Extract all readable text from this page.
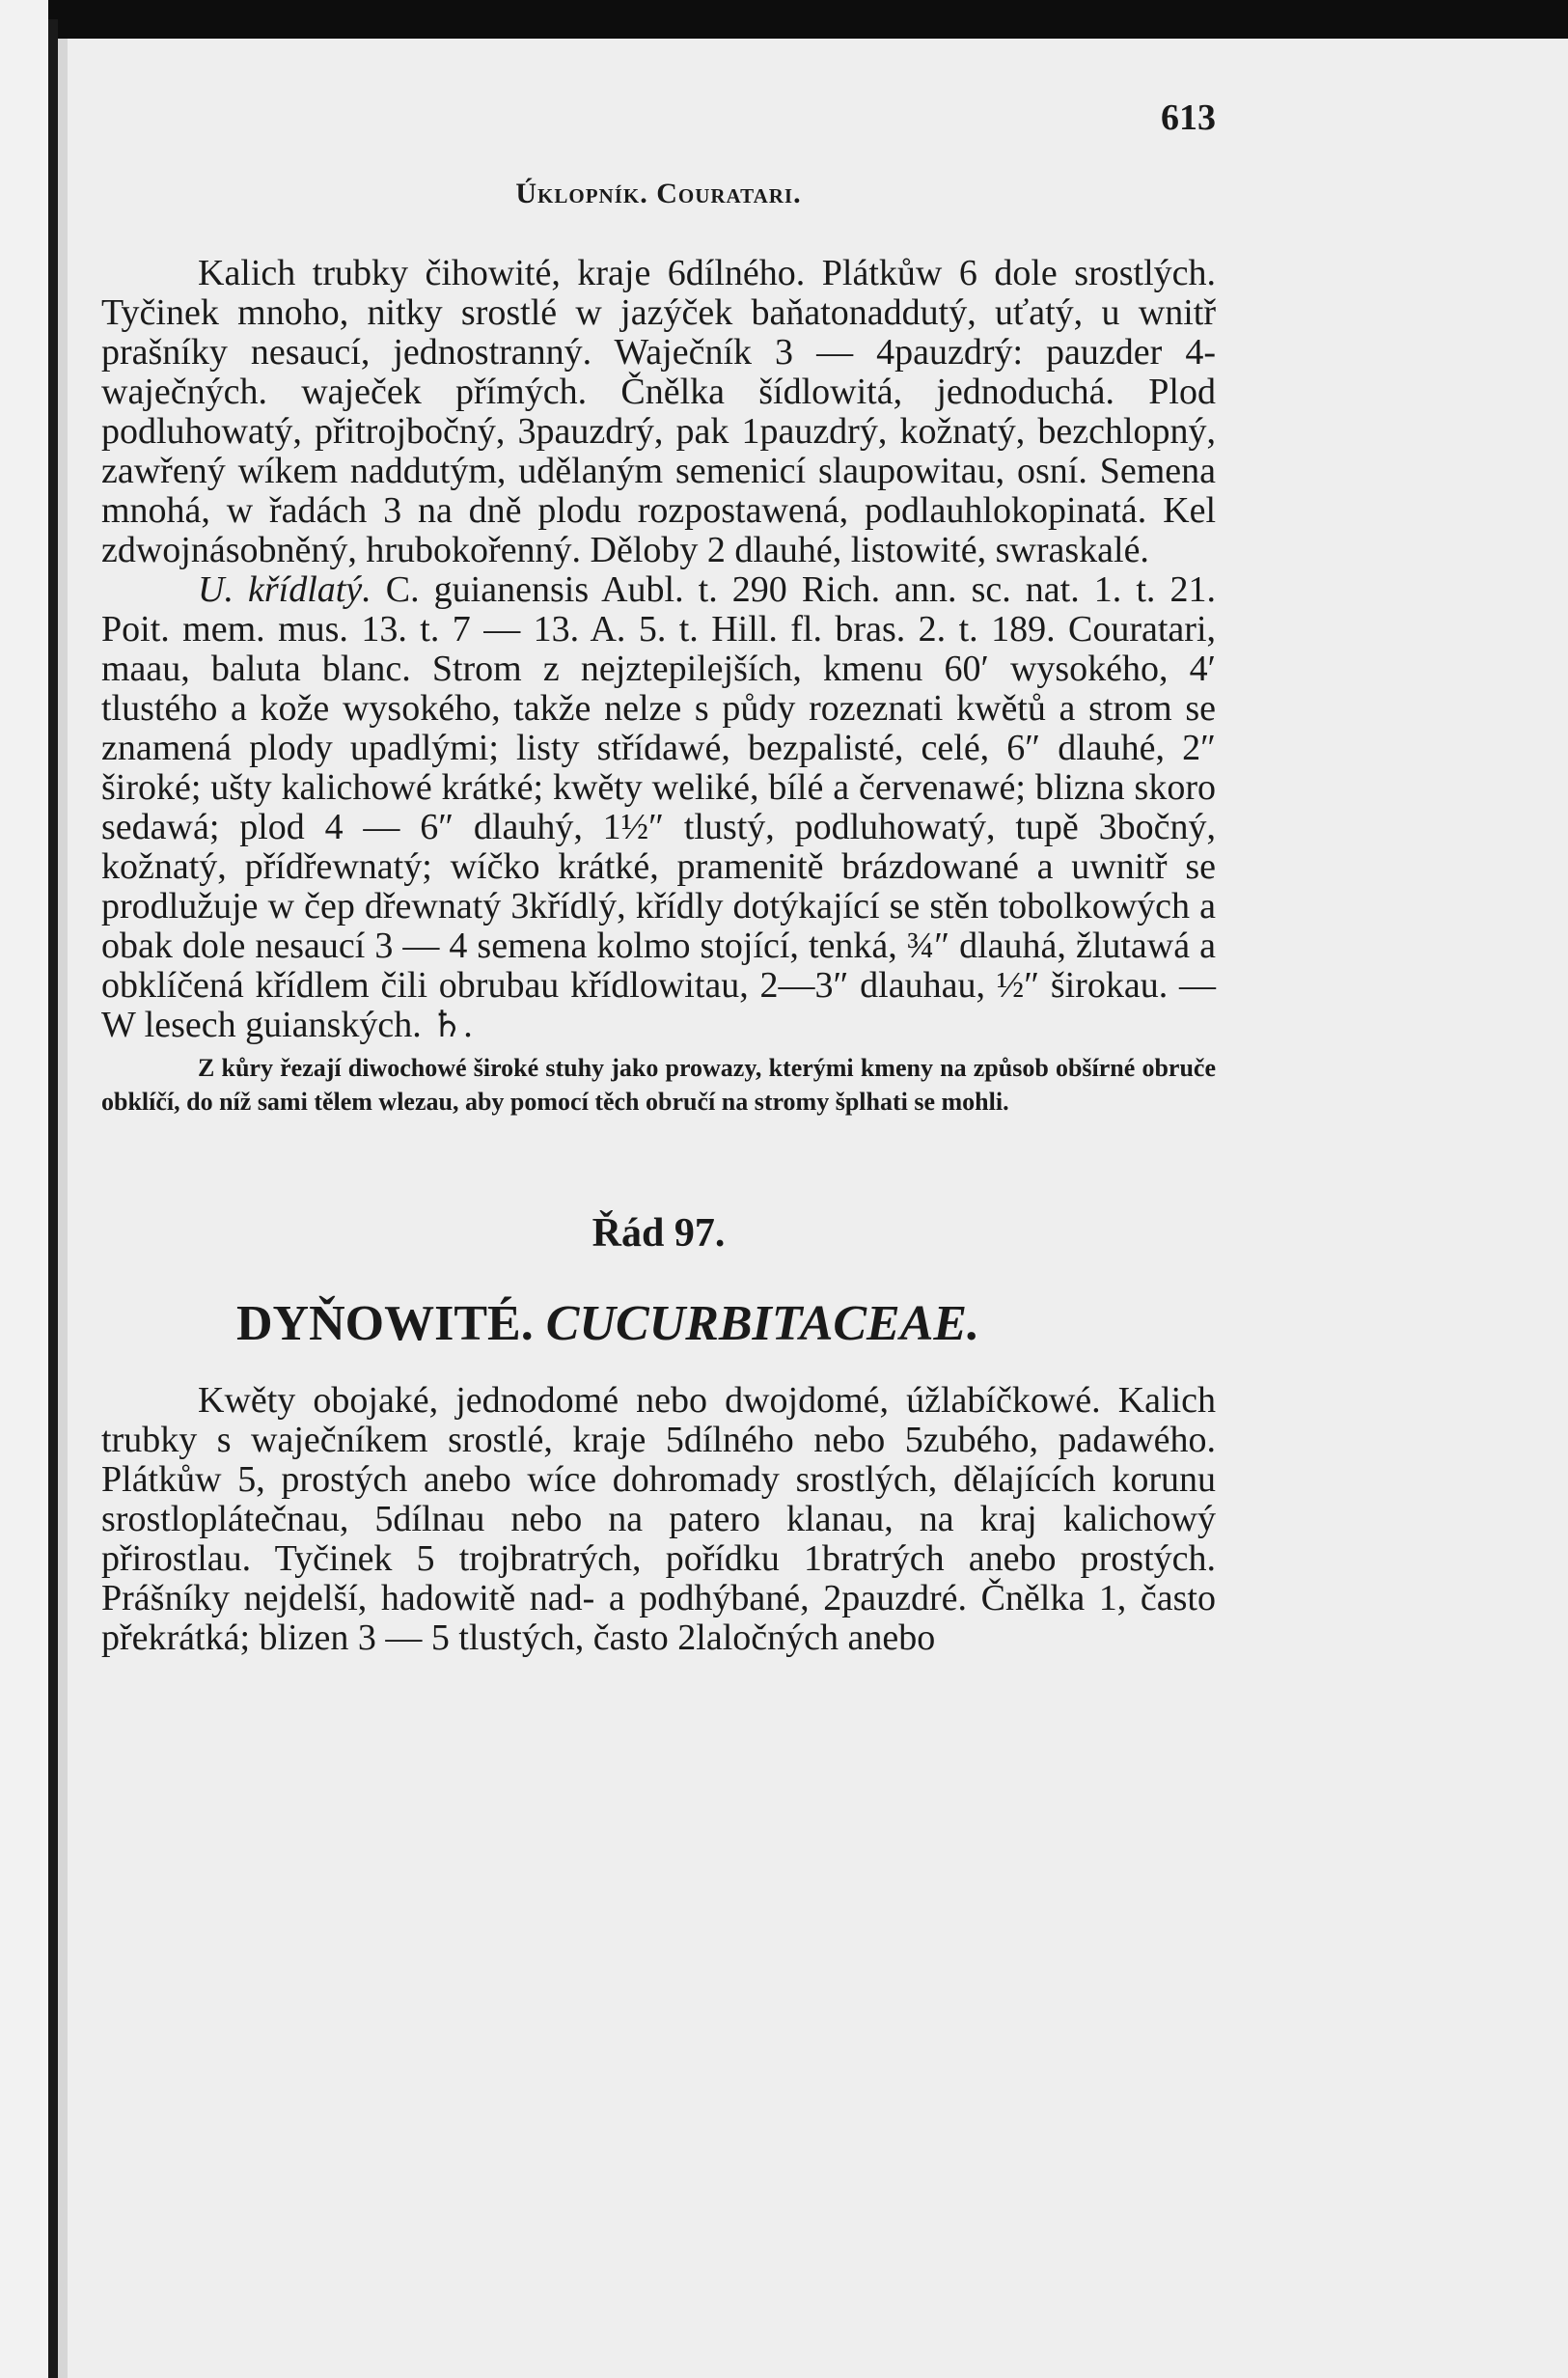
613
Úklopník. Couratari.

Kalich trubky čihowité, kraje 6dílného. Plátkůw 6 dole srostlých. Tyčinek mnoho, nitky srostlé w jazýček baňatonaddutý, uťatý, u wnitř prašníky nesaucí, jednostranný. Waječník 3 — 4pauzdrý: pauzder 4-waječných. waječek přímých. Čnělka šídlowitá, jednoduchá. Plod podluhowatý, přitrojbočný, 3pauzdrý, pak 1pauzdrý, kožnatý, bezchlopný, zawřený wíkem naddutým, udělaným semenicí slaupowitau, osní. Semena mnohá, w řadách 3 na dně plodu rozpostawená, podlauhlokopinatá. Kel zdwojnásobněný, hrubokořenný. Děloby 2 dlauhé, listowité, swraskalé.

U. křídlatý. C. guianensis Aubl. t. 290 Rich. ann. sc. nat. 1. t. 21. Poit. mem. mus. 13. t. 7 — 13. A. 5. t. Hill. fl. bras. 2. t. 189. Couratari, maau, baluta blanc. Strom z nejztepilejších, kmenu 60′ wysokého, 4′ tlustého a kože wysokého, takže nelze s půdy rozeznati kwětů a strom se znamená plody upadlými; listy střídawé, bezpalisté, celé, 6″ dlauhé, 2″ široké; ušty kalichowé krátké; kwěty weliké, bílé a červenawé; blizna skoro sedawá; plod 4 — 6″ dlauhý, 1½″ tlustý, podluhowatý, tupě 3bočný, kožnatý, přídřewnatý; wíčko krátké, pramenitě brázdowané a uwnitř se prodlužuje w čep dřewnatý 3křídlý, křídly dotýkající se stěn tobolkowých a obak dole nesaucí 3 — 4 semena kolmo stojící, tenká, ¾″ dlauhá, žlutawá a obklíčená křídlem čili obrubau křídlowitau, 2—3″ dlauhau, ½″ širokau. — W lesech guianských. ♄.

Z kůry řezají diwochowé široké stuhy jako prowazy, kterými kmeny na způsob obšírné obruče obklíčí, do níž sami tělem wlezau, aby pomocí těch obručí na stromy šplhati se mohli.

Řád 97.
DYŇOWITÉ. CUCURBITACEAE.

Kwěty obojaké, jednodomé nebo dwojdomé, úžlabíčkowé. Kalich trubky s waječníkem srostlé, kraje 5dílného nebo 5zubého, padawého. Plátkůw 5, prostých anebo wíce dohromady srostlých, dělajících korunu srostloplátečnau, 5dílnau nebo na patero klanau, na kraj kalichowý přirostlau. Tyčinek 5 trojbratrých, pořídku 1bratrých anebo prostých. Prášníky nejdelší, hadowitě nad- a podhýbané, 2pauzdré. Čnělka 1, často překrátká; blizen 3 — 5 tlustých, často 2laločných anebo
